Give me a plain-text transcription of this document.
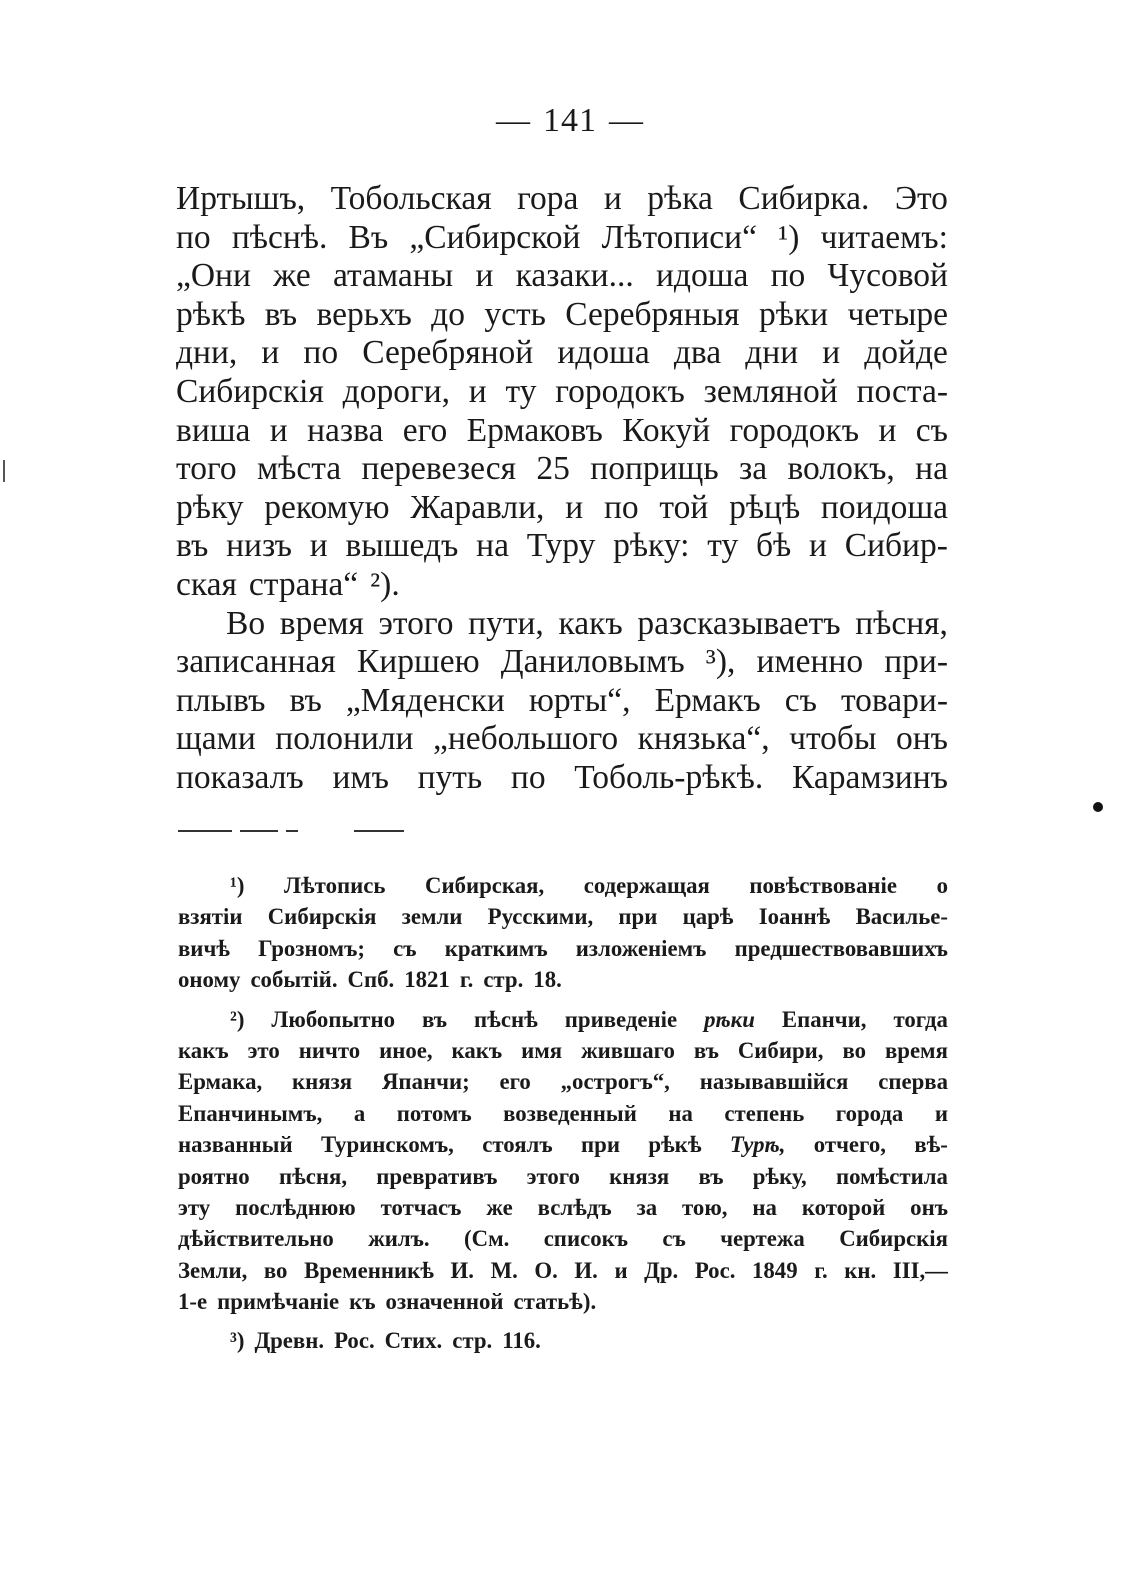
— 141 —
Иртышъ, Тобольская гора и рѣка Сибирка. Это
по пѣснѣ. Въ „Сибирской Лѣтописи“ ¹) читаемъ:
„Они же атаманы и казаки... идоша по Чусовой
рѣкѣ въ верьхъ до усть Серебряныя рѣки четыре
дни, и по Серебряной идоша два дни и дойде
Сибирскія дороги, и ту городокъ земляной поста-
виша и назва его Ермаковъ Кокуй городокъ и съ
того мѣста перевезеся 25 поприщь за волокъ, на
рѣку рекомую Жаравли, и по той рѣцѣ поидоша
въ низъ и вышедъ на Туру рѣку: ту бѣ и Сибир-
ская страна“ ²).
Во время этого пути, какъ разсказываетъ пѣсня,
записанная Киршею Даниловымъ ³), именно при-
плывъ въ „Мяденски юрты“, Ермакъ съ товари-
щами полонили „небольшого князька“, чтобы онъ
показалъ имъ путь по Тоболь-рѣкѣ. Карамзинъ
¹) Лѣтопись Сибирская, содержащая повѣствованіе о
взятіи Сибирскія земли Русскими, при царѣ Іоаннѣ Василье-
вичѣ Грозномъ; съ краткимъ изложеніемъ предшествовавшихъ
оному событій. Спб. 1821 г. стр. 18.
²) Любопытно въ пѣснѣ приведеніе рѣки Епанчи, тогда
какъ это ничто иное, какъ имя жившаго въ Сибири, во время
Ермака, князя Япанчи; его „острогъ“, называвшійся сперва
Епанчинымъ, а потомъ возведенный на степень города и
названный Туринскомъ, стоялъ при рѣкѣ Турѣ, отчего, вѣ-
роятно пѣсня, превративъ этого князя въ рѣку, помѣстила
эту послѣднюю тотчасъ же вслѣдъ за тою, на которой онъ
дѣйствительно жилъ. (См. списокъ съ чертежа Сибирскія
Земли, во Временникѣ И. М. О. И. и Др. Рос. 1849 г. кн. III,—
1-е примѣчаніе къ означенной статьѣ).
³) Древн. Рос. Стих. стр. 116.
